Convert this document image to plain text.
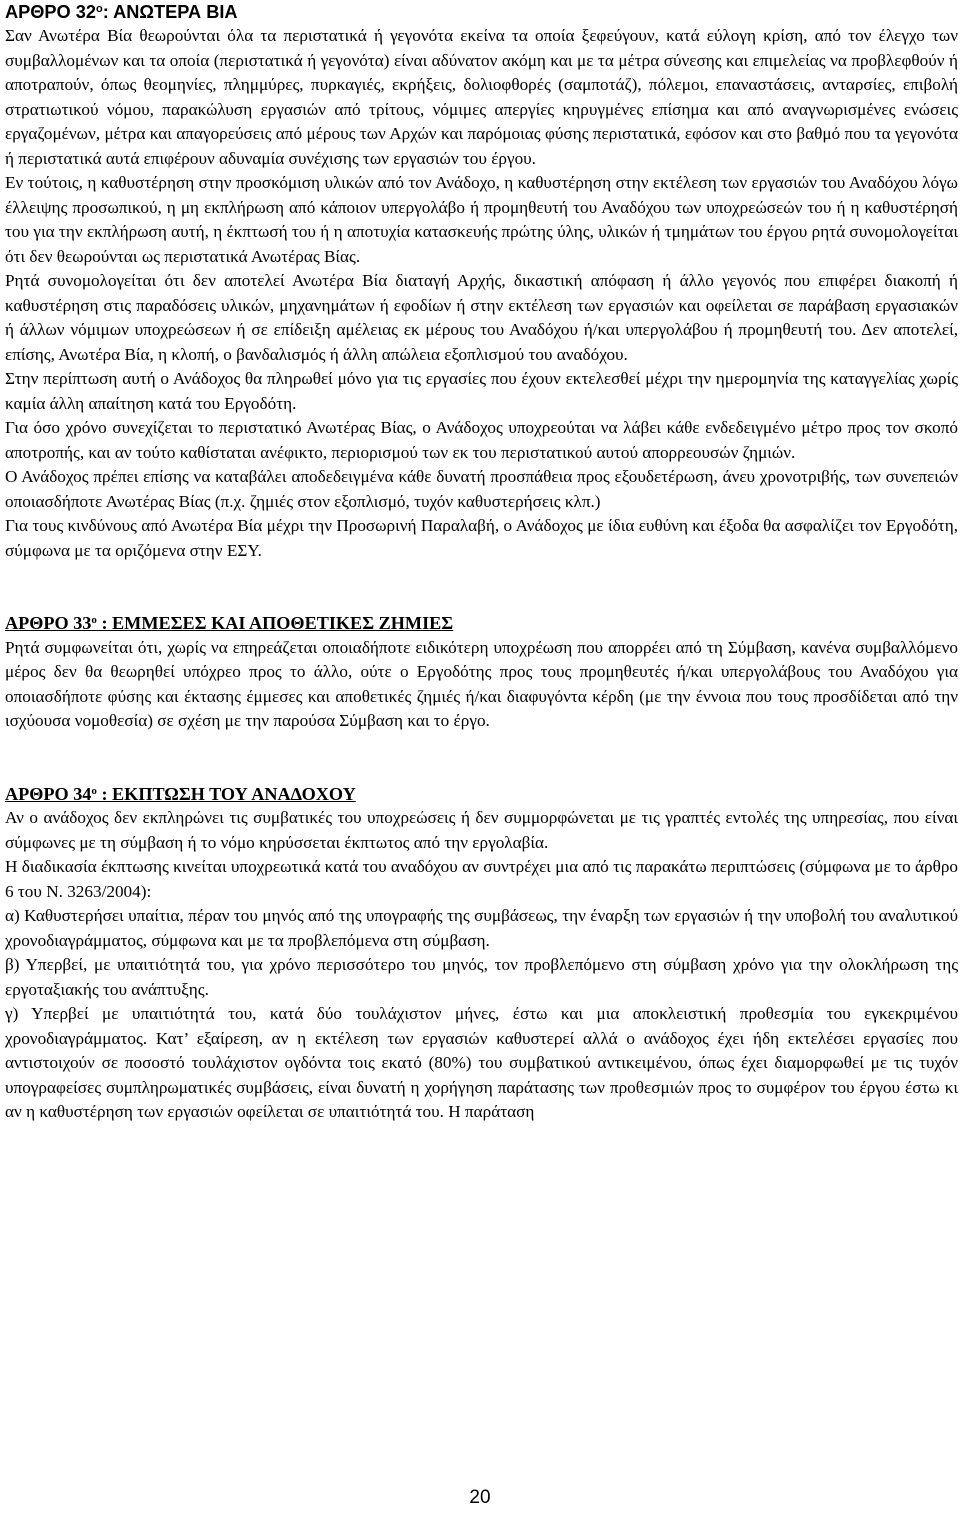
ΑΡΘΡΟ $32^o$: ΑΝΩΤΕΡΑ ΒΙΑ

Σαν Ανωτέρα Βία θεωρούνται όλα τα περιστατικά ή γεγονότα εκείνα τα οποία ξεφεύγουν, κατά εύλογη κρίση, από τον έλεγχο των συμβαλλομένων και τα οποία (περιστατικά ή γεγονότα) είναι αδύνατον ακόμη και με τα μέτρα σύνεσης και επιμελείας να προβλεφθούν ή αποτραπούν, όπως θεομηνίες, πλημμύρες, πυρκαγιές, εκρήξεις, δολιοφθορές (σαμποτάζ), πόλεμοι, επαναστάσεις, ανταρσίες, επιβολή στρατιωτικού νόμου, παρακώλυση εργασιών από τρίτους, νόμιμες απεργίες κηρυγμένες επίσημα και από αναγνωρισμένες ενώσεις εργαζομένων, μέτρα και απαγορεύσεις από μέρους των Αρχών και παρόμοιας φύσης περιστατικά, εφόσον και στο βαθμό που τα γεγονότα ή περιστατικά αυτά επιφέρουν αδυναμία συνέχισης των εργασιών του έργου.

Εν τούτοις, η καθυστέρηση στην προσκόμιση υλικών από τον Ανάδοχο, η καθυστέρηση στην εκτέλεση των εργασιών του Αναδόχου λόγω έλλειψης προσωπικού, η μη εκπλήρωση από κάποιον υπεργολάβο ή προμηθευτή του Αναδόχου των υποχρεώσεών του ή η καθυστέρησή του για την εκπλήρωση αυτή, η έκπτωσή του ή η αποτυχία κατασκευής πρώτης ύλης, υλικών ή τμημάτων του έργου ρητά συνομολογείται ότι δεν θεωρούνται ως περιστατικά Ανωτέρας Βίας.

Ρητά συνομολογείται ότι δεν αποτελεί Ανωτέρα Βία διαταγή Αρχής, δικαστική απόφαση ή άλλο γεγονός που επιφέρει διακοπή ή καθυστέρηση στις παραδόσεις υλικών, μηχανημάτων ή εφοδίων ή στην εκτέλεση των εργασιών και οφείλεται σε παράβαση εργασιακών ή άλλων νόμιμων υποχρεώσεων ή σε επίδειξη αμέλειας εκ μέρους του Αναδόχου ή/και υπεργολάβου ή προμηθευτή του. Δεν αποτελεί, επίσης, Ανωτέρα Βία, η κλοπή, ο βανδαλισμός ή άλλη απώλεια εξοπλισμού του αναδόχου.

Στην περίπτωση αυτή ο Ανάδοχος θα πληρωθεί μόνο για τις εργασίες που έχουν εκτελεσθεί μέχρι την ημερομηνία της καταγγελίας χωρίς καμία άλλη απαίτηση κατά του Εργοδότη.

Για όσο χρόνο συνεχίζεται το περιστατικό Ανωτέρας Βίας, ο Ανάδοχος υποχρεούται να λάβει κάθε ενδεδειγμένο μέτρο προς τον σκοπό αποτροπής, και αν τούτο καθίσταται ανέφικτο, περιορισμού των εκ του περιστατικού αυτού απορρεουσών ζημιών.

Ο Ανάδοχος πρέπει επίσης να καταβάλει αποδεδειγμένα κάθε δυνατή προσπάθεια προς εξουδετέρωση, άνευ χρονοτριβής, των συνεπειών οποιασδήποτε Ανωτέρας Βίας (π.χ. ζημιές στον εξοπλισμό, τυχόν καθυστερήσεις κλπ.)

Για τους κινδύνους από Ανωτέρα Βία μέχρι την Προσωρινή Παραλαβή, ο Ανάδοχος με ίδια ευθύνη και έξοδα θα ασφαλίζει τον Εργοδότη, σύμφωνα με τα οριζόμενα στην ΕΣΥ.

ΑΡΘΡΟ $33^o$ : ΕΜΜΕΣΕΣ ΚΑΙ ΑΠΟΘΕΤΙΚΕΣ ΖΗΜΙΕΣ

Ρητά συμφωνείται ότι, χωρίς να επηρεάζεται οποιαδήποτε ειδικότερη υποχρέωση που απορρέει από τη Σύμβαση, κανένα συμβαλλόμενο μέρος δεν θα θεωρηθεί υπόχρεο προς το άλλο, ούτε ο Εργοδότης προς τους προμηθευτές ή/και υπεργολάβους του Αναδόχου για οποιασδήποτε φύσης και έκτασης έμμεσες και αποθετικές ζημιές ή/και διαφυγόντα κέρδη (με την έννοια που τους προσδίδεται από την ισχύουσα νομοθεσία) σε σχέση με την παρούσα Σύμβαση και το έργο.

ΑΡΘΡΟ $34^o$ : ΕΚΠΤΩΣΗ ΤΟΥ ΑΝΑΔΟΧΟΥ

Αν ο ανάδοχος δεν εκπληρώνει τις συμβατικές του υποχρεώσεις ή δεν συμμορφώνεται με τις γραπτές εντολές της υπηρεσίας, που είναι σύμφωνες με τη σύμβαση ή το νόμο κηρύσσεται έκπτωτος από την εργολαβία.

Η διαδικασία έκπτωσης κινείται υποχρεωτικά κατά του αναδόχου αν συντρέχει μια από τις παρακάτω περιπτώσεις (σύμφωνα με το άρθρο 6 του Ν. 3263/2004):

α) Καθυστερήσει υπαίτια, πέραν του μηνός από της υπογραφής της συμβάσεως, την έναρξη των εργασιών ή την υποβολή του αναλυτικού χρονοδιαγράμματος, σύμφωνα και με τα προβλεπόμενα στη σύμβαση.

β) Υπερβεί, με υπαιτιότητά του, για χρόνο περισσότερο του μηνός, τον προβλεπόμενο στη σύμβαση χρόνο για την ολοκλήρωση της εργοταξιακής του ανάπτυξης.

γ) Υπερβεί με υπαιτιότητά του, κατά δύο τουλάχιστον μήνες, έστω και μια αποκλειστική προθεσμία του εγκεκριμένου χρονοδιαγράμματος. Κατ’ εξαίρεση, αν η εκτέλεση των εργασιών καθυστερεί αλλά ο ανάδοχος έχει ήδη εκτελέσει εργασίες που αντιστοιχούν σε ποσοστό τουλάχιστον ογδόντα τοις εκατό (80%) του συμβατικού αντικειμένου, όπως έχει διαμορφωθεί με τις τυχόν υπογραφείσες συμπληρωματικές συμβάσεις, είναι δυνατή η χορήγηση παράτασης των προθεσμιών προς το συμφέρον του έργου έστω κι αν η καθυστέρηση των εργασιών οφείλεται σε υπαιτιότητά του. Η παράταση

20
